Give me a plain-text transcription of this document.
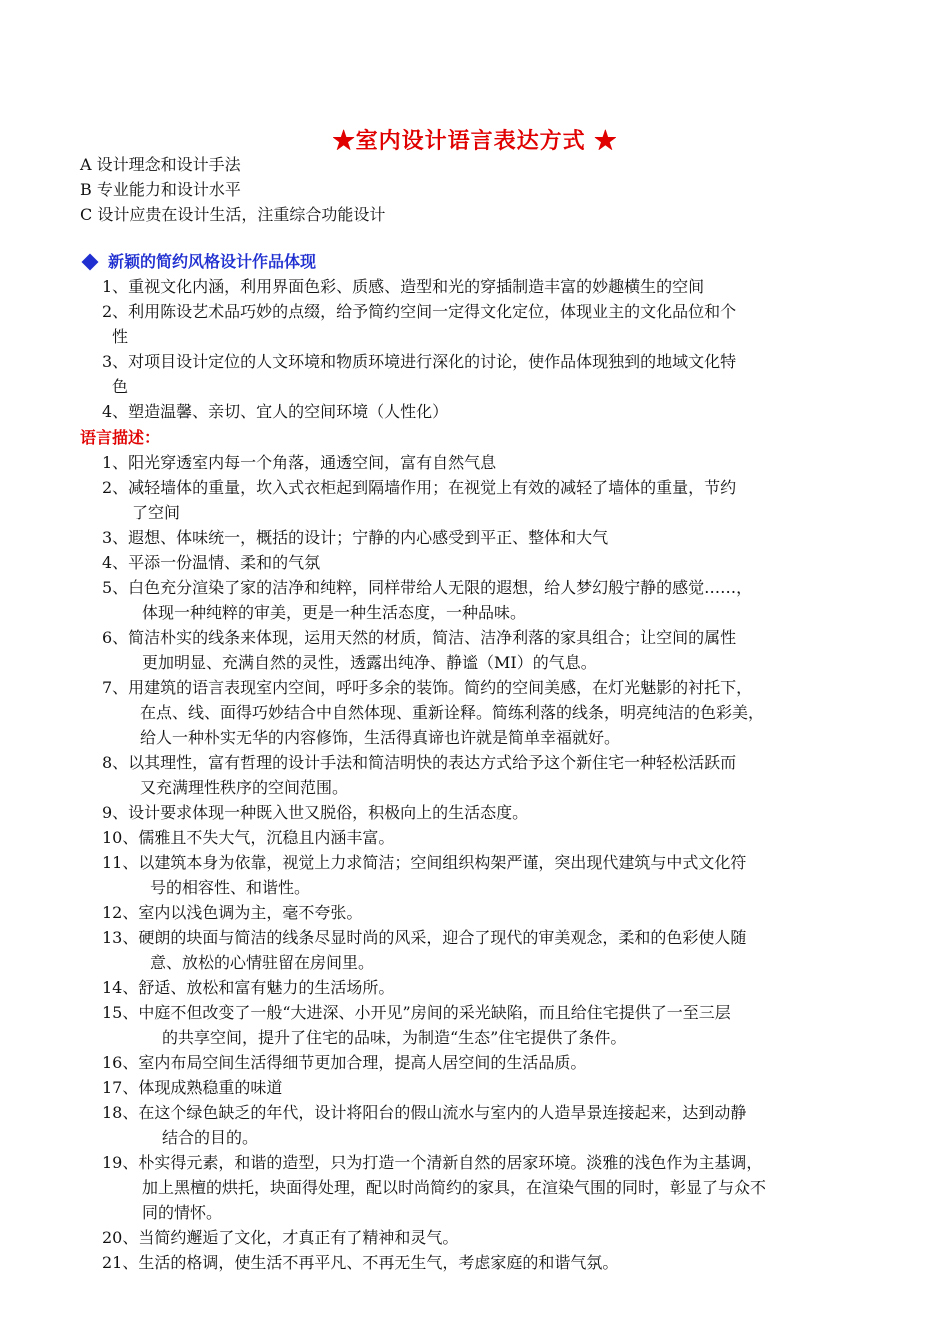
★室内设计语言表达方式 ★
A 设计理念和设计手法
B 专业能力和设计水平
C 设计应贵在设计生活，注重综合功能设计
新颖的简约风格设计作品体现
1、重视文化内涵，利用界面色彩、质感、造型和光的穿插制造丰富的妙趣横生的空间
2、利用陈设艺术品巧妙的点缀，给予简约空间一定得文化定位，体现业主的文化品位和个
性
3、对项目设计定位的人文环境和物质环境进行深化的讨论，使作品体现独到的地域文化特
色
4、塑造温馨、亲切、宜人的空间环境（人性化）
语言描述：
1、阳光穿透室内每一个角落，通透空间，富有自然气息
2、减轻墙体的重量，坎入式衣柜起到隔墙作用；在视觉上有效的减轻了墙体的重量，节约
了空间
3、遐想、体味统一，概括的设计；宁静的内心感受到平正、整体和大气
4、平添一份温情、柔和的气氛
5、白色充分渲染了家的洁净和纯粹，同样带给人无限的遐想，给人梦幻般宁静的感觉……，
体现一种纯粹的审美，更是一种生活态度，一种品味。
6、简洁朴实的线条来体现，运用天然的材质，简洁、洁净利落的家具组合；让空间的属性
更加明显、充满自然的灵性，透露出纯净、静谧（MI）的气息。
7、用建筑的语言表现室内空间，呼吁多余的装饰。简约的空间美感，在灯光魅影的衬托下，
在点、线、面得巧妙结合中自然体现、重新诠释。简练利落的线条，明亮纯洁的色彩美，
给人一种朴实无华的内容修饰，生活得真谛也许就是简单幸福就好。
8、以其理性，富有哲理的设计手法和简洁明快的表达方式给予这个新住宅一种轻松活跃而
又充满理性秩序的空间范围。
9、设计要求体现一种既入世又脱俗，积极向上的生活态度。
10、儒雅且不失大气，沉稳且内涵丰富。
11、以建筑本身为依靠，视觉上力求简洁；空间组织构架严谨，突出现代建筑与中式文化符
号的相容性、和谐性。
12、室内以浅色调为主，毫不夸张。
13、硬朗的块面与简洁的线条尽显时尚的风采，迎合了现代的审美观念，柔和的色彩使人随
意、放松的心情驻留在房间里。
14、舒适、放松和富有魅力的生活场所。
15、中庭不但改变了一般“大进深、小开见”房间的采光缺陷，而且给住宅提供了一至三层
的共享空间，提升了住宅的品味，为制造“生态”住宅提供了条件。
16、室内布局空间生活得细节更加合理，提高人居空间的生活品质。
17、体现成熟稳重的味道
18、在这个绿色缺乏的年代，设计将阳台的假山流水与室内的人造旱景连接起来，达到动静
结合的目的。
19、朴实得元素，和谐的造型，只为打造一个清新自然的居家环境。淡雅的浅色作为主基调，
加上黑檀的烘托，块面得处理，配以时尚简约的家具，在渲染气围的同时，彰显了与众不
同的情怀。
20、当简约邂逅了文化，才真正有了精神和灵气。
21、生活的格调，使生活不再平凡、不再无生气，考虑家庭的和谐气氛。
